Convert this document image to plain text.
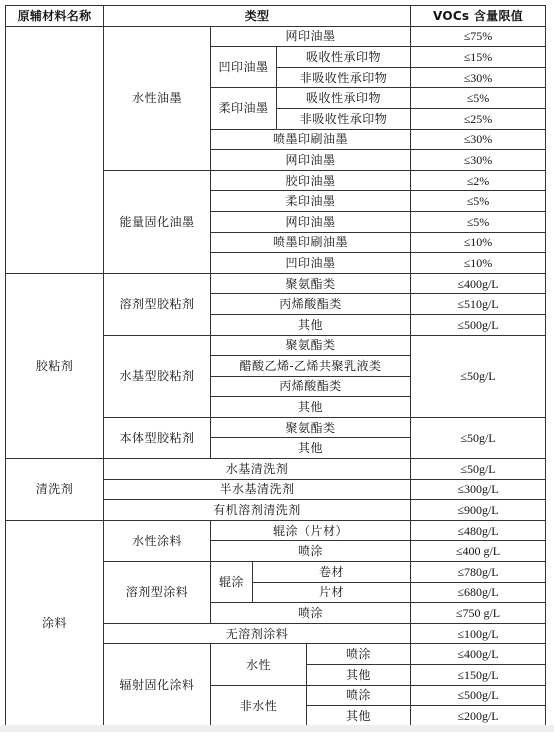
原辅材料名称	类型					VOCs 含量限值
	水性油墨	网印油墨				≤75%
		凹印油墨		吸收性承印物		≤15%
				非吸收性承印物		≤30%
		柔印油墨		吸收性承印物		≤5%
				非吸收性承印物		≤25%
		喷墨印刷油墨				≤30%
		网印油墨				≤30%
	能量固化油墨	胶印油墨				≤2%
		柔印油墨				≤5%
		网印油墨				≤5%
		喷墨印刷油墨				≤10%
		凹印油墨				≤10%
胶粘剂	溶剂型胶粘剂	聚氨酯类				≤400g/L
		丙烯酸酯类				≤510g/L
		其他				≤500g/L
	水基型胶粘剂	聚氨酯类				≤50g/L
		醋酸乙烯-乙烯共聚乳液类				
		丙烯酸酯类				
		其他				
	本体型胶粘剂	聚氨酯类				≤50g/L
		其他				
清洗剂	水基清洗剂					≤50g/L
	半水基清洗剂					≤300g/L
	有机溶剂清洗剂					≤900g/L
涂料	水性涂料	辊涂（片材）				≤480g/L
		喷涂				≤400 g/L
	溶剂型涂料	辊涂	卷材			≤780g/L
			片材			≤680g/L
		喷涂				≤750 g/L
	无溶剂涂料					≤100g/L
	辐射固化涂料	水性			喷涂	≤400g/L
					其他	≤150g/L
		非水性			喷涂	≤500g/L
					其他	≤200g/L
